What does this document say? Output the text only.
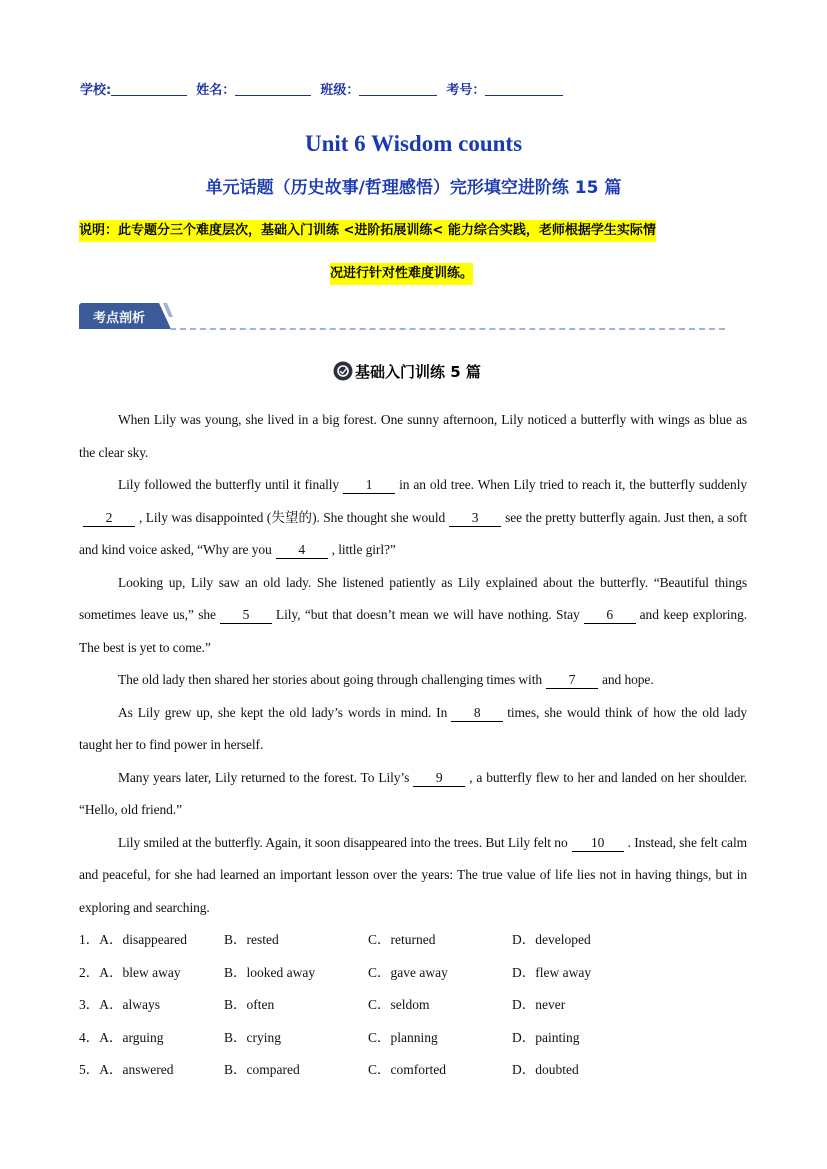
学校:	姓名：	班级：	考号：
Unit 6 Wisdom counts
单元话题（历史故事/哲理感悟）完形填空进阶练 15 篇
说明：此专题分三个难度层次，基础入门训练 <进阶拓展训练< 能力综合实践，老师根据学生实际情
况进行针对性难度训练。
考点剖析
基础入门训练 5 篇

When Lily was young, she lived in a big forest. One sunny afternoon, Lily noticed a butterfly with wings as blue as the clear sky.

Lily followed the butterfly until it finally 1 in an old tree. When Lily tried to reach it, the butterfly suddenly2 , Lily was disappointed (失望的). She thought she would 3 see the pretty butterfly again. Just then, a soft and kind voice asked, “Why are you 4 , little girl?”

Looking up, Lily saw an old lady. She listened patiently as Lily explained about the butterfly. “Beautiful things sometimes leave us,” she 5 Lily, “but that doesn’t mean we will have nothing. Stay 6 and keep exploring. The best is yet to come.”

The old lady then shared her stories about going through challenging times with 7 and hope.

As Lily grew up, she kept the old lady’s words in mind. In 8 times, she would think of how the old lady taught her to find power in herself.

Many years later, Lily returned to the forest. To Lily’s 9 , a butterfly flew to her and landed on her shoulder. “Hello, old friend.”

Lily smiled at the butterfly. Again, it soon disappeared into the trees. But Lily felt no 10 . Instead, she felt calm and peaceful, for she had learned an important lesson over the years: The true value of life lies not in having things, but in exploring and searching.

1．A．disappeared	B．rested	C．returned	D．developed
2．A．blew away	B．looked away	C．gave away	D．flew away
3．A．always	B．often	C．seldom	D．never
4．A．arguing	B．crying	C．planning	D．painting
5．A．answered	B．compared	C．comforted	D．doubted
